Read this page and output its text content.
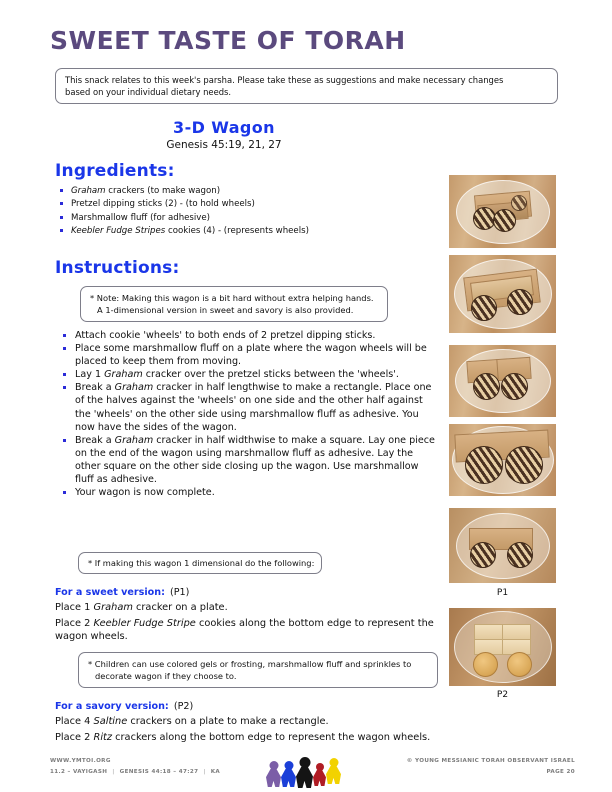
SWEET TASTE OF TORAH
This snack relates to this week's parsha. Please take these as suggestions and make necessary changes
based on your individual dietary needs.
3-D Wagon
Genesis 45:19, 21, 27
Ingredients:
Graham crackers (to make wagon)
Pretzel dipping sticks (2) - (to hold wheels)
Marshmallow fluff (for adhesive)
Keebler Fudge Stripes cookies (4) - (represents wheels)
Instructions:
* Note: Making this wagon is a bit hard without extra helping hands.
A 1-dimensional version in sweet and savory is also provided.
Attach cookie 'wheels' to both ends of 2 pretzel dipping sticks.
Place some marshmallow fluff on a plate where the wagon wheels will be placed to keep them from moving.
Lay 1 Graham cracker over the pretzel sticks between the 'wheels'.
Break a Graham cracker in half lengthwise to make a rectangle. Place one of the halves against the 'wheels' on one side and the other half against the 'wheels' on the other side using marshmallow fluff as adhesive. You now have the sides of the wagon.
Break a Graham cracker in half widthwise to make a square. Lay one piece on the end of the wagon using marshmallow fluff as adhesive. Lay the other square on the other side closing up the wagon. Use marshmallow fluff as adhesive.
Your wagon is now complete.
* If making this wagon 1 dimensional do the following:
For a sweet version: (P1)
Place 1 Graham cracker on a plate.
Place 2 Keebler Fudge Stripe cookies along the bottom edge to represent the wagon wheels.
* Children can use colored gels or frosting, marshmallow fluff and sprinkles to
decorate wagon if they choose to.
For a savory version: (P2)
Place 4 Saltine crackers on a plate to make a rectangle.
Place 2 Ritz crackers along the bottom edge to represent the wagon wheels.
P1
P2
WWW.YMTOI.ORG
11.2 – VAYIGASH | GENESIS 44:18 – 47:27 | KA
© YOUNG MESSIANIC TORAH OBSERVANT ISRAEL
PAGE 20
